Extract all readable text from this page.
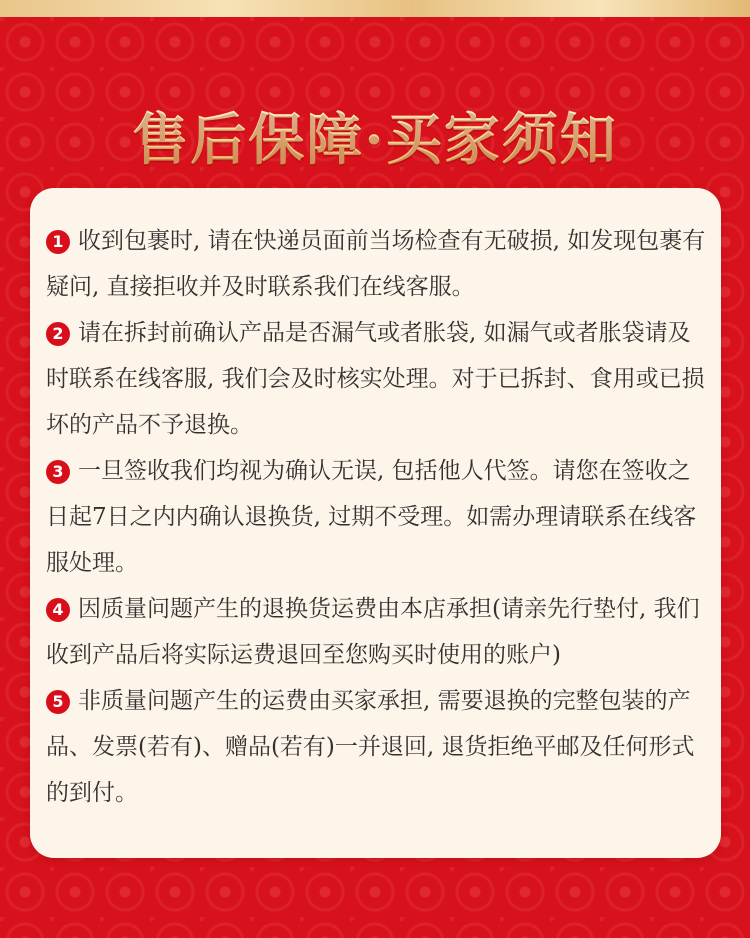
售后保障·买家须知

1 收到包裹时, 请在快递员面前当场检查有无破损, 如发现包裹有疑问, 直接拒收并及时联系我们在线客服。

2 请在拆封前确认产品是否漏气或者胀袋, 如漏气或者胀袋请及时联系在线客服, 我们会及时核实处理。对于已拆封、食用或已损坏的产品不予退换。

3 一旦签收我们均视为确认无误, 包括他人代签。请您在签收之日起7日之内内确认退换货, 过期不受理。如需办理请联系在线客服处理。

4 因质量问题产生的退换货运费由本店承担(请亲先行垫付, 我们收到产品后将实际运费退回至您购买时使用的账户)

5 非质量问题产生的运费由买家承担, 需要退换的完整包装的产品、发票(若有)、赠品(若有)一并退回, 退货拒绝平邮及任何形式的到付。
